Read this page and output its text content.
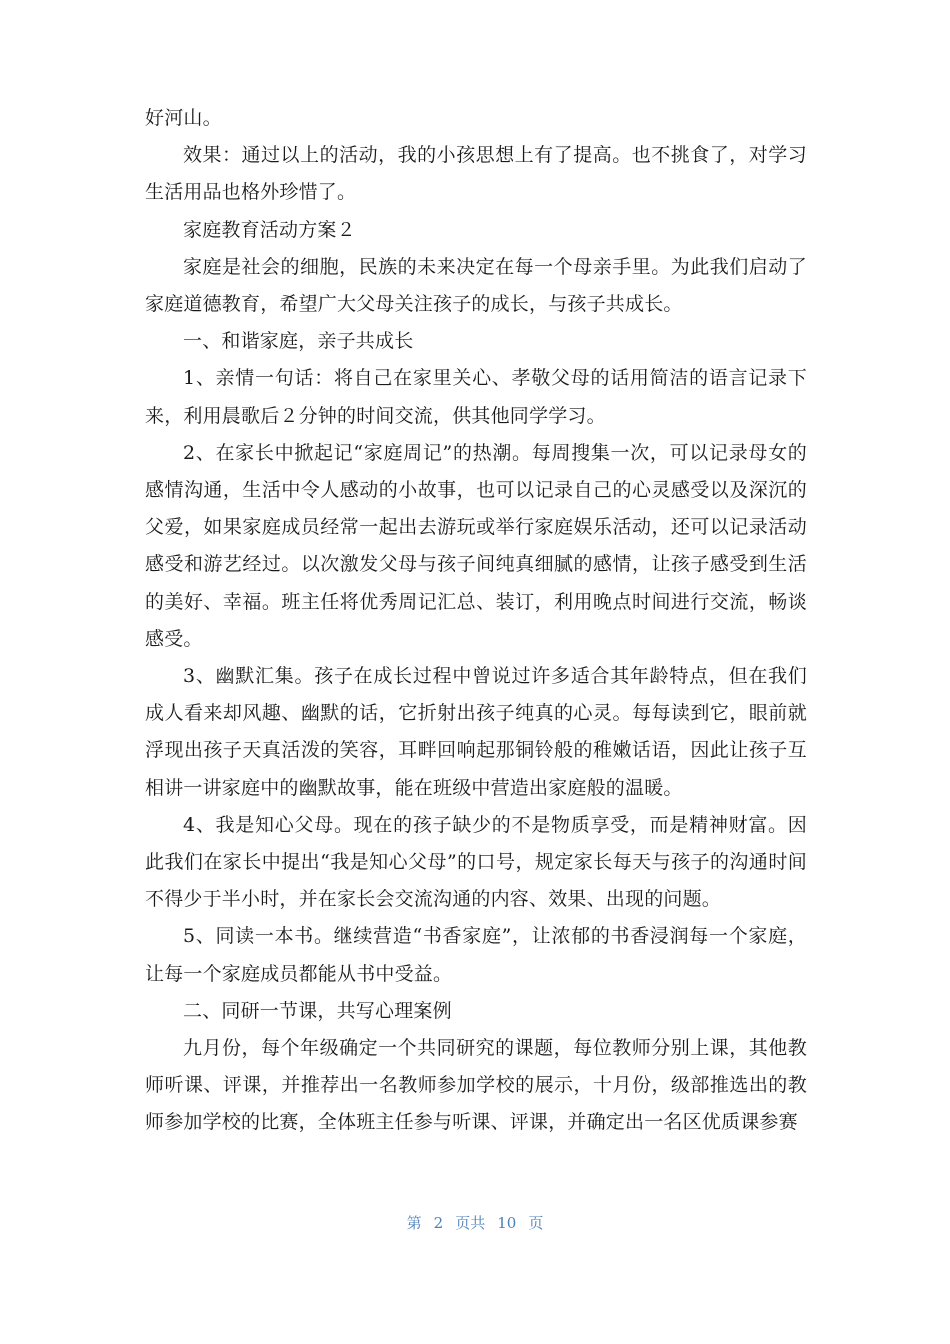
好河山。

效果：通过以上的活动，我的小孩思想上有了提高。也不挑食了，对学习生活用品也格外珍惜了。

家庭教育活动方案２

家庭是社会的细胞，民族的未来决定在每一个母亲手里。为此我们启动了家庭道德教育，希望广大父母关注孩子的成长，与孩子共成长。

一、和谐家庭，亲子共成长

1、亲情一句话：将自己在家里关心、孝敬父母的话用简洁的语言记录下来，利用晨歌后２分钟的时间交流，供其他同学学习。

2、在家长中掀起记“家庭周记”的热潮。每周搜集一次，可以记录母女的感情沟通，生活中令人感动的小故事，也可以记录自己的心灵感受以及深沉的父爱，如果家庭成员经常一起出去游玩或举行家庭娱乐活动，还可以记录活动感受和游艺经过。以次激发父母与孩子间纯真细腻的感情，让孩子感受到生活的美好、幸福。班主任将优秀周记汇总、装订，利用晚点时间进行交流，畅谈感受。

3、幽默汇集。孩子在成长过程中曾说过许多适合其年龄特点，但在我们成人看来却风趣、幽默的话，它折射出孩子纯真的心灵。每每读到它，眼前就浮现出孩子天真活泼的笑容，耳畔回响起那铜铃般的稚嫩话语，因此让孩子互相讲一讲家庭中的幽默故事，能在班级中营造出家庭般的温暖。

4、我是知心父母。现在的孩子缺少的不是物质享受，而是精神财富。因此我们在家长中提出“我是知心父母”的口号，规定家长每天与孩子的沟通时间不得少于半小时，并在家长会交流沟通的内容、效果、出现的问题。

5、同读一本书。继续营造“书香家庭”，让浓郁的书香浸润每一个家庭，让每一个家庭成员都能从书中受益。

二、同研一节课，共写心理案例

九月份，每个年级确定一个共同研究的课题，每位教师分别上课，其他教师听课、评课，并推荐出一名教师参加学校的展示，十月份，级部推选出的教师参加学校的比赛，全体班主任参与听课、评课，并确定出一名区优质课参赛

第 2 页共 10 页
